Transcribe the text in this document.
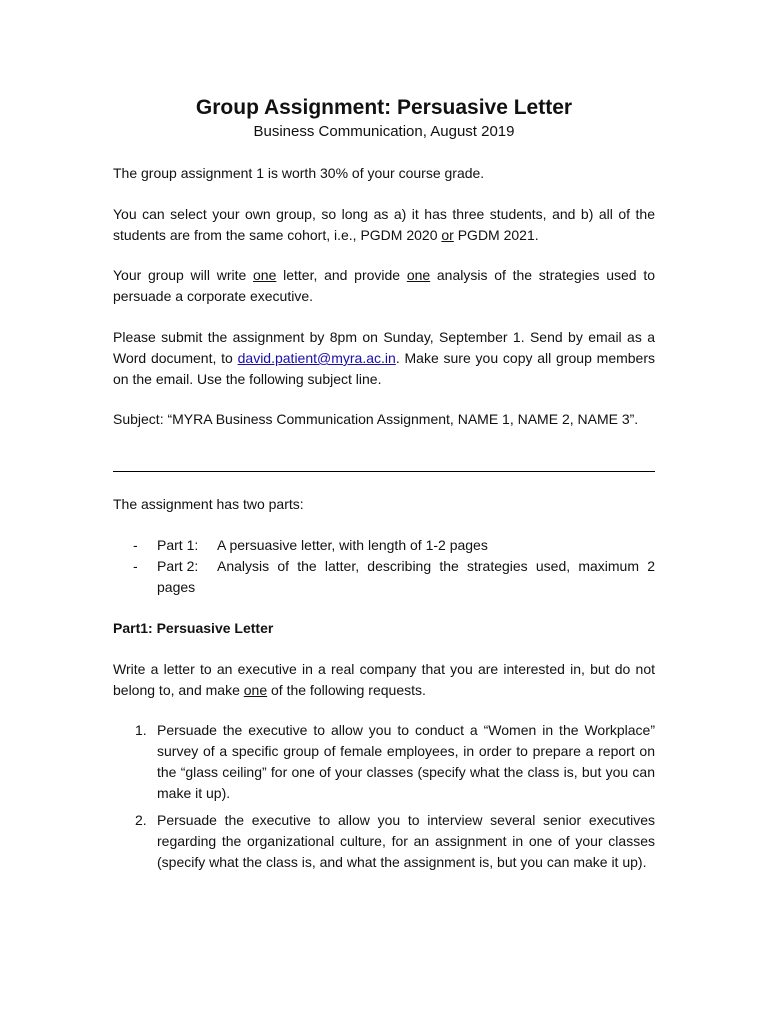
Group Assignment: Persuasive Letter
Business Communication, August 2019
The group assignment 1 is worth 30% of your course grade.
You can select your own group, so long as a) it has three students, and b) all of the students are from the same cohort, i.e., PGDM 2020 or PGDM 2021.
Your group will write one letter, and provide one analysis of the strategies used to persuade a corporate executive.
Please submit the assignment by 8pm on Sunday, September 1. Send by email as a Word document, to david.patient@myra.ac.in. Make sure you copy all group members on the email. Use the following subject line.
Subject: “MYRA Business Communication Assignment, NAME 1, NAME 2, NAME 3”.
The assignment has two parts:
- Part 1: A persuasive letter, with length of 1-2 pages
- Part 2: Analysis of the latter, describing the strategies used, maximum 2 pages
Part1: Persuasive Letter
Write a letter to an executive in a real company that you are interested in, but do not belong to, and make one of the following requests.
1. Persuade the executive to allow you to conduct a “Women in the Workplace” survey of a specific group of female employees, in order to prepare a report on the “glass ceiling” for one of your classes (specify what the class is, but you can make it up).
2. Persuade the executive to allow you to interview several senior executives regarding the organizational culture, for an assignment in one of your classes (specify what the class is, and what the assignment is, but you can make it up).
